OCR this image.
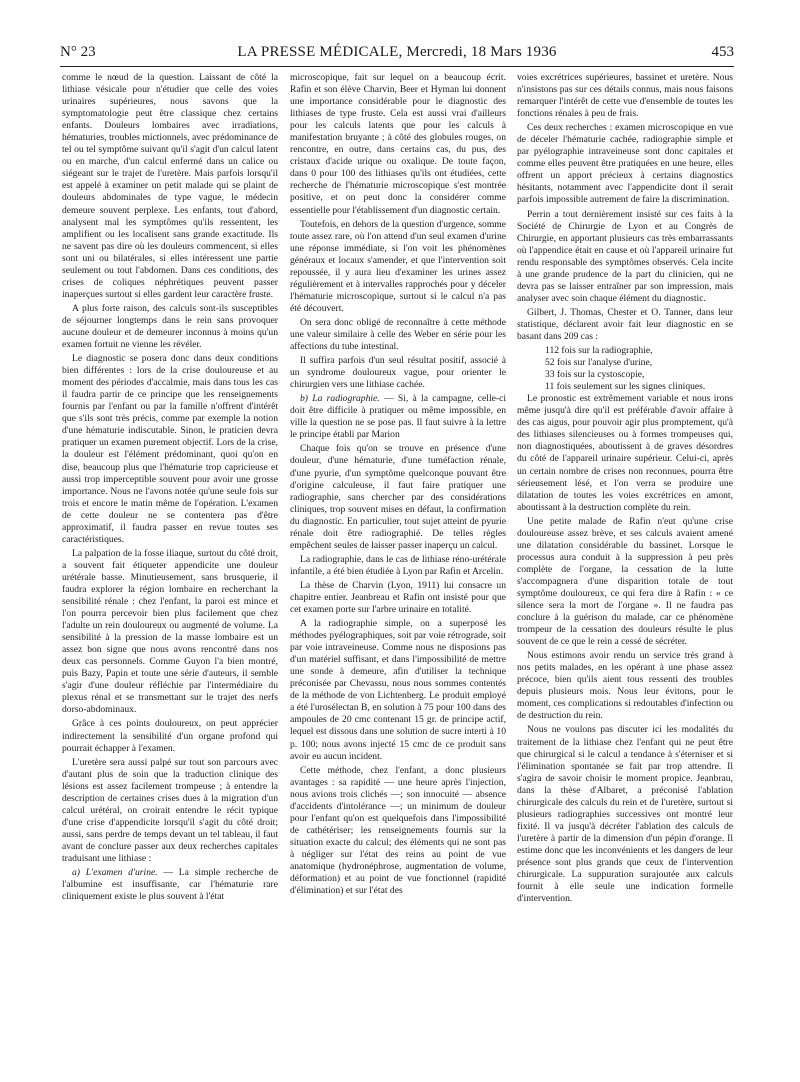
N° 23	LA PRESSE MÉDICALE, Mercredi, 18 Mars 1936	453

comme le nœud de la question. Laissant de côté la lithiase vésicale pour n'étudier que celle des voies urinaires supérieures, nous savons que la symptomatologie peut être classique chez certains enfants. Douleurs lombaires avec irradiations, hématuries, troubles mictionnels, avec prédominance de tel ou tel symptôme suivant qu'il s'agit d'un calcul latent ou en marche, d'un calcul enfermé dans un calice ou siégeant sur le trajet de l'uretère. Mais parfois lorsqu'il est appelé à examiner un petit malade qui se plaint de douleurs abdominales de type vague, le médecin demeure souvent perplexe. Les enfants, tout d'abord, analysent mal les symptômes qu'ils ressentent, les amplifient ou les localisent sans grande exactitude. Ils ne savent pas dire où les douleurs commencent, si elles sont uni ou bilatérales, si elles intéressent une partie seulement ou tout l'abdomen. Dans ces conditions, des crises de coliques néphrétiques peuvent passer inaperçues surtout si elles gardent leur caractère fruste.

A plus forte raison, des calculs sont-ils susceptibles de séjourner longtemps dans le rein sans provoquer aucune douleur et de demeurer inconnus à moins qu'un examen fortuit ne vienne les révéler.

Le diagnostic se posera donc dans deux conditions bien différentes : lors de la crise douloureuse et au moment des périodes d'accalmie, mais dans tous les cas il faudra partir de ce principe que les renseignements fournis par l'enfant ou par la famille n'offrent d'intérêt que s'ils sont très précis, comme par exemple la notion d'une hématurie indiscutable. Sinon, le praticien devra pratiquer un examen purement objectif. Lors de la crise, la douleur est l'élément prédominant, quoi qu'on en dise, beaucoup plus que l'hématurie trop capricieuse et aussi trop imperceptible souvent pour avoir une grosse importance. Nous ne l'avons notée qu'une seule fois sur trois et encore le matin même de l'opération. L'examen de cette douleur ne se contentera pas d'être approximatif, il faudra passer en revue toutes ses caractéristiques.

La palpation de la fosse iliaque, surtout du côté droit, a souvent fait étiqueter appendicite une douleur urétérale basse. Minutieusement, sans brusquerie, il faudra explorer la région lombaire en recherchant la sensibilité rénale : chez l'enfant, la paroi est mince et l'on pourra percevoir bien plus facilement que chez l'adulte un rein douloureux ou augmenté de volume. La sensibilité à la pression de la masse lombaire est un assez bon signe que nous avons rencontré dans nos deux cas personnels. Comme Guyon l'a bien montré, puis Bazy, Papin et toute une série d'auteurs, il semble s'agir d'une douleur réfléchie par l'intermédiaire du plexus rénal et se transmettant sur le trajet des nerfs dorso-abdominaux.

Grâce à ces points douloureux, on peut apprécier indirectement la sensibilité d'un organe profond qui pourrait échapper à l'examen.

L'uretère sera aussi palpé sur tout son parcours avec d'autant plus de soin que la traduction clinique des lésions est assez facilement trompeuse ; à entendre la description de certaines crises dues à la migration d'un calcul urétéral, on croirait entendre le récit typique d'une crise d'appendicite lorsqu'il s'agit du côté droit; aussi, sans perdre de temps devant un tel tableau, il faut avant de conclure passer aux deux recherches capitales traduisant une lithiase :

a) L'examen d'urine. — La simple recherche de l'albumine est insuffisante, car l'hématurie rare cliniquement existe le plus souvent à l'état

microscopique, fait sur lequel on a beaucoup écrit. Rafin et son élève Charvin, Beer et Hyman lui donnent une importance considérable pour le diagnostic des lithiases de type fruste. Cela est aussi vrai d'ailleurs pour les calculs latents que pour les calculs à manifestation bruyante ; à côté des globules rouges, on rencontre, en outre, dans certains cas, du pus, des cristaux d'acide urique ou oxalique. De toute façon, dans 0 pour 100 des lithiases qu'ils ont étudiées, cette recherche de l'hématurie microscopique s'est montrée positive, et on peut donc la considérer comme essentielle pour l'établissement d'un diagnostic certain.

Toutefois, en dehors de la question d'urgence, somme toute assez rare, où l'on attend d'un seul examen d'urine une réponse immédiate, si l'on voit les phénomènes généraux et locaux s'amender, et que l'intervention soit repoussée, il y aura lieu d'examiner les urines assez régulièrement et à intervalles rapprochés pour y déceler l'hématurie microscopique, surtout si le calcul n'a pas été découvert.

On sera donc obligé de reconnaître à cette méthode une valeur similaire à celle des Weber en série pour les affections du tube intestinal.

Il suffira parfois d'un seul résultat positif, associé à un syndrome douloureux vague, pour orienter le chirurgien vers une lithiase cachée.

b) La radiographie. — Si, à la campagne, celle-ci doit être difficile à pratiquer ou même impossible, en ville la question ne se pose pas. Il faut suivre à la lettre le principe établi par Marion

Chaque fois qu'on se trouve en présence d'une douleur, d'une hématurie, d'une tuméfaction rénale, d'une pyurie, d'un symptôme quelconque pouvant être d'origine calculeuse, il faut faire pratiquer une radiographie, sans chercher par des considérations cliniques, trop souvent mises en défaut, la confirmation du diagnostic. En particulier, tout sujet atteint de pyurie rénale doit être radiographié. De telles règles empêchent seules de laisser passer inaperçu un calcul.

La radiographie, dans le cas de lithiase réno-urétérale infantile, a été bien étudiée à Lyon par Rafin et Arcelin.

La thèse de Charvin (Lyon, 1911) lui consacre un chapitre entier. Jeanbreau et Rafin ont insisté pour que cet examen porte sur l'arbre urinaire en totalité.

A la radiographie simple, on a superposé les méthodes pyélographiques, soit par voie rétrograde, soit par voie intraveineuse. Comme nous ne disposions pas d'un matériel suffisant, et dans l'impossibilité de mettre une sonde à demeure, afin d'utiliser la technique préconisée par Chevassu, nous nous sommes contentés de la méthode de von Lichtenberg. Le produit employé a été l'urosélectan B, en solution à 75 pour 100 dans des ampoules de 20 cmc contenant 15 gr. de principe actif, lequel est dissous dans une solution de sucre interti à 10 p. 100; nous avons injecté 15 cmc de ce produit sans avoir eu aucun incident.

Cette méthode, chez l'enfant, a donc plusieurs avantages : sa rapidité — une heure après l'injection, nous avions trois clichés —; son innocuité — absence d'accidents d'intolérance —; un minimum de douleur pour l'enfant qu'on est quelquefois dans l'impossibilité de cathétériser; les renseignements fournis sur la situation exacte du calcul; des éléments qui ne sont pas à négliger sur l'état des reins au point de vue anatomique (hydronéphrose, augmentation de volume, déformation) et au point de vue fonctionnel (rapidité d'élimination) et sur l'état des

voies excrétrices supérieures, bassinet et uretère. Nous n'insistons pas sur ces détails connus, mais nous faisons remarquer l'intérêt de cette vue d'ensemble de toutes les fonctions rénales à peu de frais.

Ces deux recherches : examen microscopique en vue de déceler l'hématurie cachée, radiographie simple et par pyélographie intraveineuse sont donc capitales et comme elles peuvent être pratiquées en une heure, elles offrent un apport précieux à certains diagnostics hésitants, notamment avec l'appendicite dont il serait parfois impossible autrement de faire la discrimination.

Perrin a tout dernièrement insisté sur ces faits à la Société de Chirurgie de Lyon et au Congrès de Chirurgie, en apportant plusieurs cas très embarrassants où l'appendice était en cause et où l'appareil urinaire fut rendu responsable des symptômes observés. Cela incite à une grande prudence de la part du clinicien, qui ne devra pas se laisser entraîner par son impression, mais analyser avec soin chaque élément du diagnostic.

Gilbert, J. Thomas, Chester et O. Tanner, dans leur statistique, déclarent avoir fait leur diagnostic en se basant dans 209 cas :

112 fois sur la radiographie,

52 fois sur l'analyse d'urine,

33 fois sur la cystoscopie,

11 fois seulement sur les signes cliniques.

Le pronostic est extrêmement variable et nous irons même jusqu'à dire qu'il est préférable d'avoir affaire à des cas aigus, pour pouvoir agir plus promptement, qu'à des lithiases silencieuses ou à formes trompeuses qui, non diagnostiquées, aboutissent à de graves désordres du côté de l'appareil urinaire supérieur. Celui-ci, après un certain nombre de crises non reconnues, pourra être sérieusement lésé, et l'on verra se produire une dilatation de toutes les voies excrétrices en amont, aboutissant à la destruction complète du rein.

Une petite malade de Rafin n'eut qu'une crise douloureuse assez brève, et ses calculs avaient amené une dilatation considérable du bassinet. Lorsque le processus aura conduit à la suppression à peu près complète de l'organe, la cessation de la lutte s'accompagnera d'une disparition totale de tout symptôme douloureux, ce qui fera dire à Rafin : « ce silence sera la mort de l'organe ». Il ne faudra pas conclure à la guérison du malade, car ce phénomène trompeur de la cessation des douleurs résulte le plus souvent de ce que le rein a cessé de sécréter.

Nous estimons avoir rendu un service très grand à nos petits malades, en les opérant à une phase assez précoce, bien qu'ils aient tous ressenti des troubles depuis plusieurs mois. Nous leur évitons, pour le moment, ces complications si redoutables d'infection ou de destruction du rein.

Nous ne voulons pas discuter ici les modalités du traitement de la lithiase chez l'enfant qui ne peut être que chirurgical si le calcul a tendance à s'éterniser et si l'élimination spontanée se fait par trop attendre. Il s'agira de savoir choisir le moment propice. Jeanbrau, dans la thèse d'Albaret, a préconisé l'ablation chirurgicale des calculs du rein et de l'uretère, surtout si plusieurs radiographies successives ont montré leur fixité. Il va jusqu'à décréter l'ablation des calculs de l'uretère à partir de la dimension d'un pépin d'orange. Il estime donc que les inconvénients et les dangers de leur présence sont plus grands que ceux de l'intervention chirurgicale. La suppuration surajoutée aux calculs fournit à elle seule une indication formelle d'intervention.
